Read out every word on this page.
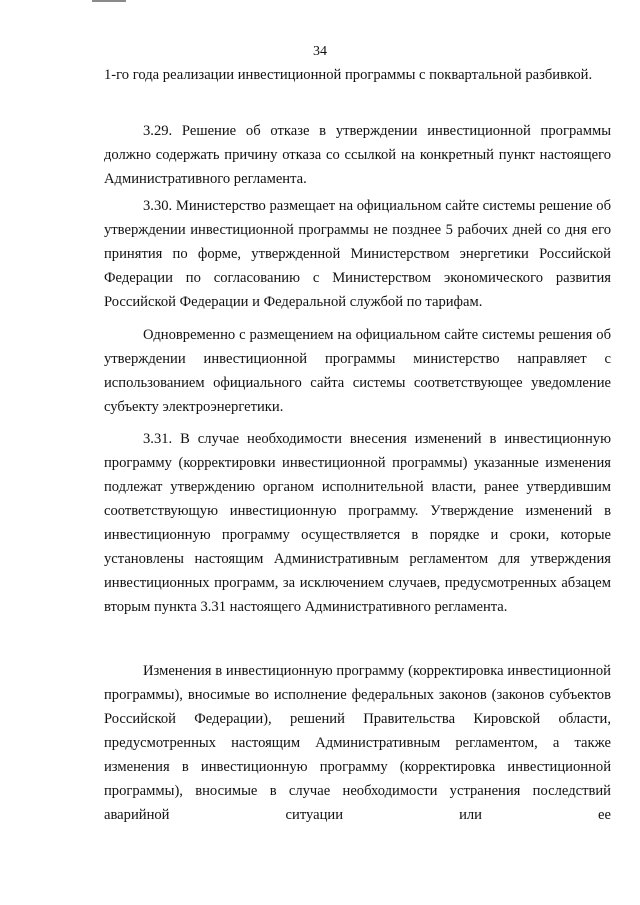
34

1-го года реализации инвестиционной программы с поквартальной разбивкой.

3.29. Решение об отказе в утверждении инвестиционной программы должно содержать причину отказа со ссылкой на конкретный пункт настоящего Административного регламента.

3.30. Министерство размещает на официальном сайте системы решение об утверждении инвестиционной программы не позднее 5 рабочих дней со дня его принятия по форме, утвержденной Министерством энергетики Российской Федерации по согласованию с Министерством экономического развития Российской Федерации и Федеральной службой по тарифам.

Одновременно с размещением на официальном сайте системы решения об утверждении инвестиционной программы министерство направляет с использованием официального сайта системы соответствующее уведомление субъекту электроэнергетики.

3.31. В случае необходимости внесения изменений в инвестиционную программу (корректировки инвестиционной программы) указанные изменения подлежат утверждению органом исполнительной власти, ранее утвердившим соответствующую инвестиционную программу. Утверждение изменений в инвестиционную программу осуществляется в порядке и сроки, которые установлены настоящим Административным регламентом для утверждения инвестиционных программ, за исключением случаев, предусмотренных абзацем вторым пункта 3.31 настоящего Административного регламента.

Изменения в инвестиционную программу (корректировка инвестиционной программы), вносимые во исполнение федеральных законов (законов субъектов Российской Федерации), решений Правительства Кировской области, предусмотренных настоящим Административным регламентом, а также изменения в инвестиционную программу (корректировка инвестиционной программы), вносимые в случае необходимости устранения последствий аварийной ситуации или ее
